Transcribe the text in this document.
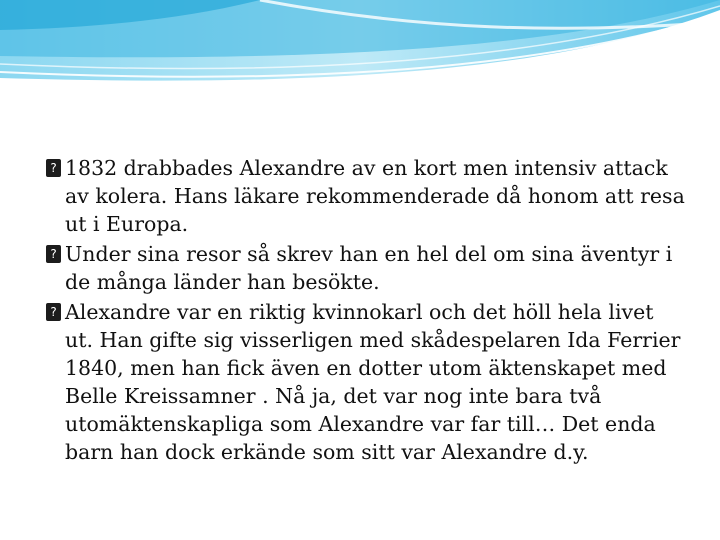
? 1832 drabbades Alexandre av en kort men intensiv attack av kolera. Hans läkare rekommenderade då honom att resa ut i Europa.
? Under sina resor så skrev han en hel del om sina äventyr i de många länder han besökte.
? Alexandre var en riktig kvinnokarl och det höll hela livet ut. Han gifte sig visserligen med skådespelaren Ida Ferrier 1840, men han fick även en dotter utom äktenskapet med Belle Kreissamner . Nå ja, det var nog inte bara två utomäktenskapliga som Alexandre var far till… Det enda barn han dock erkände som sitt var Alexandre d.y.
